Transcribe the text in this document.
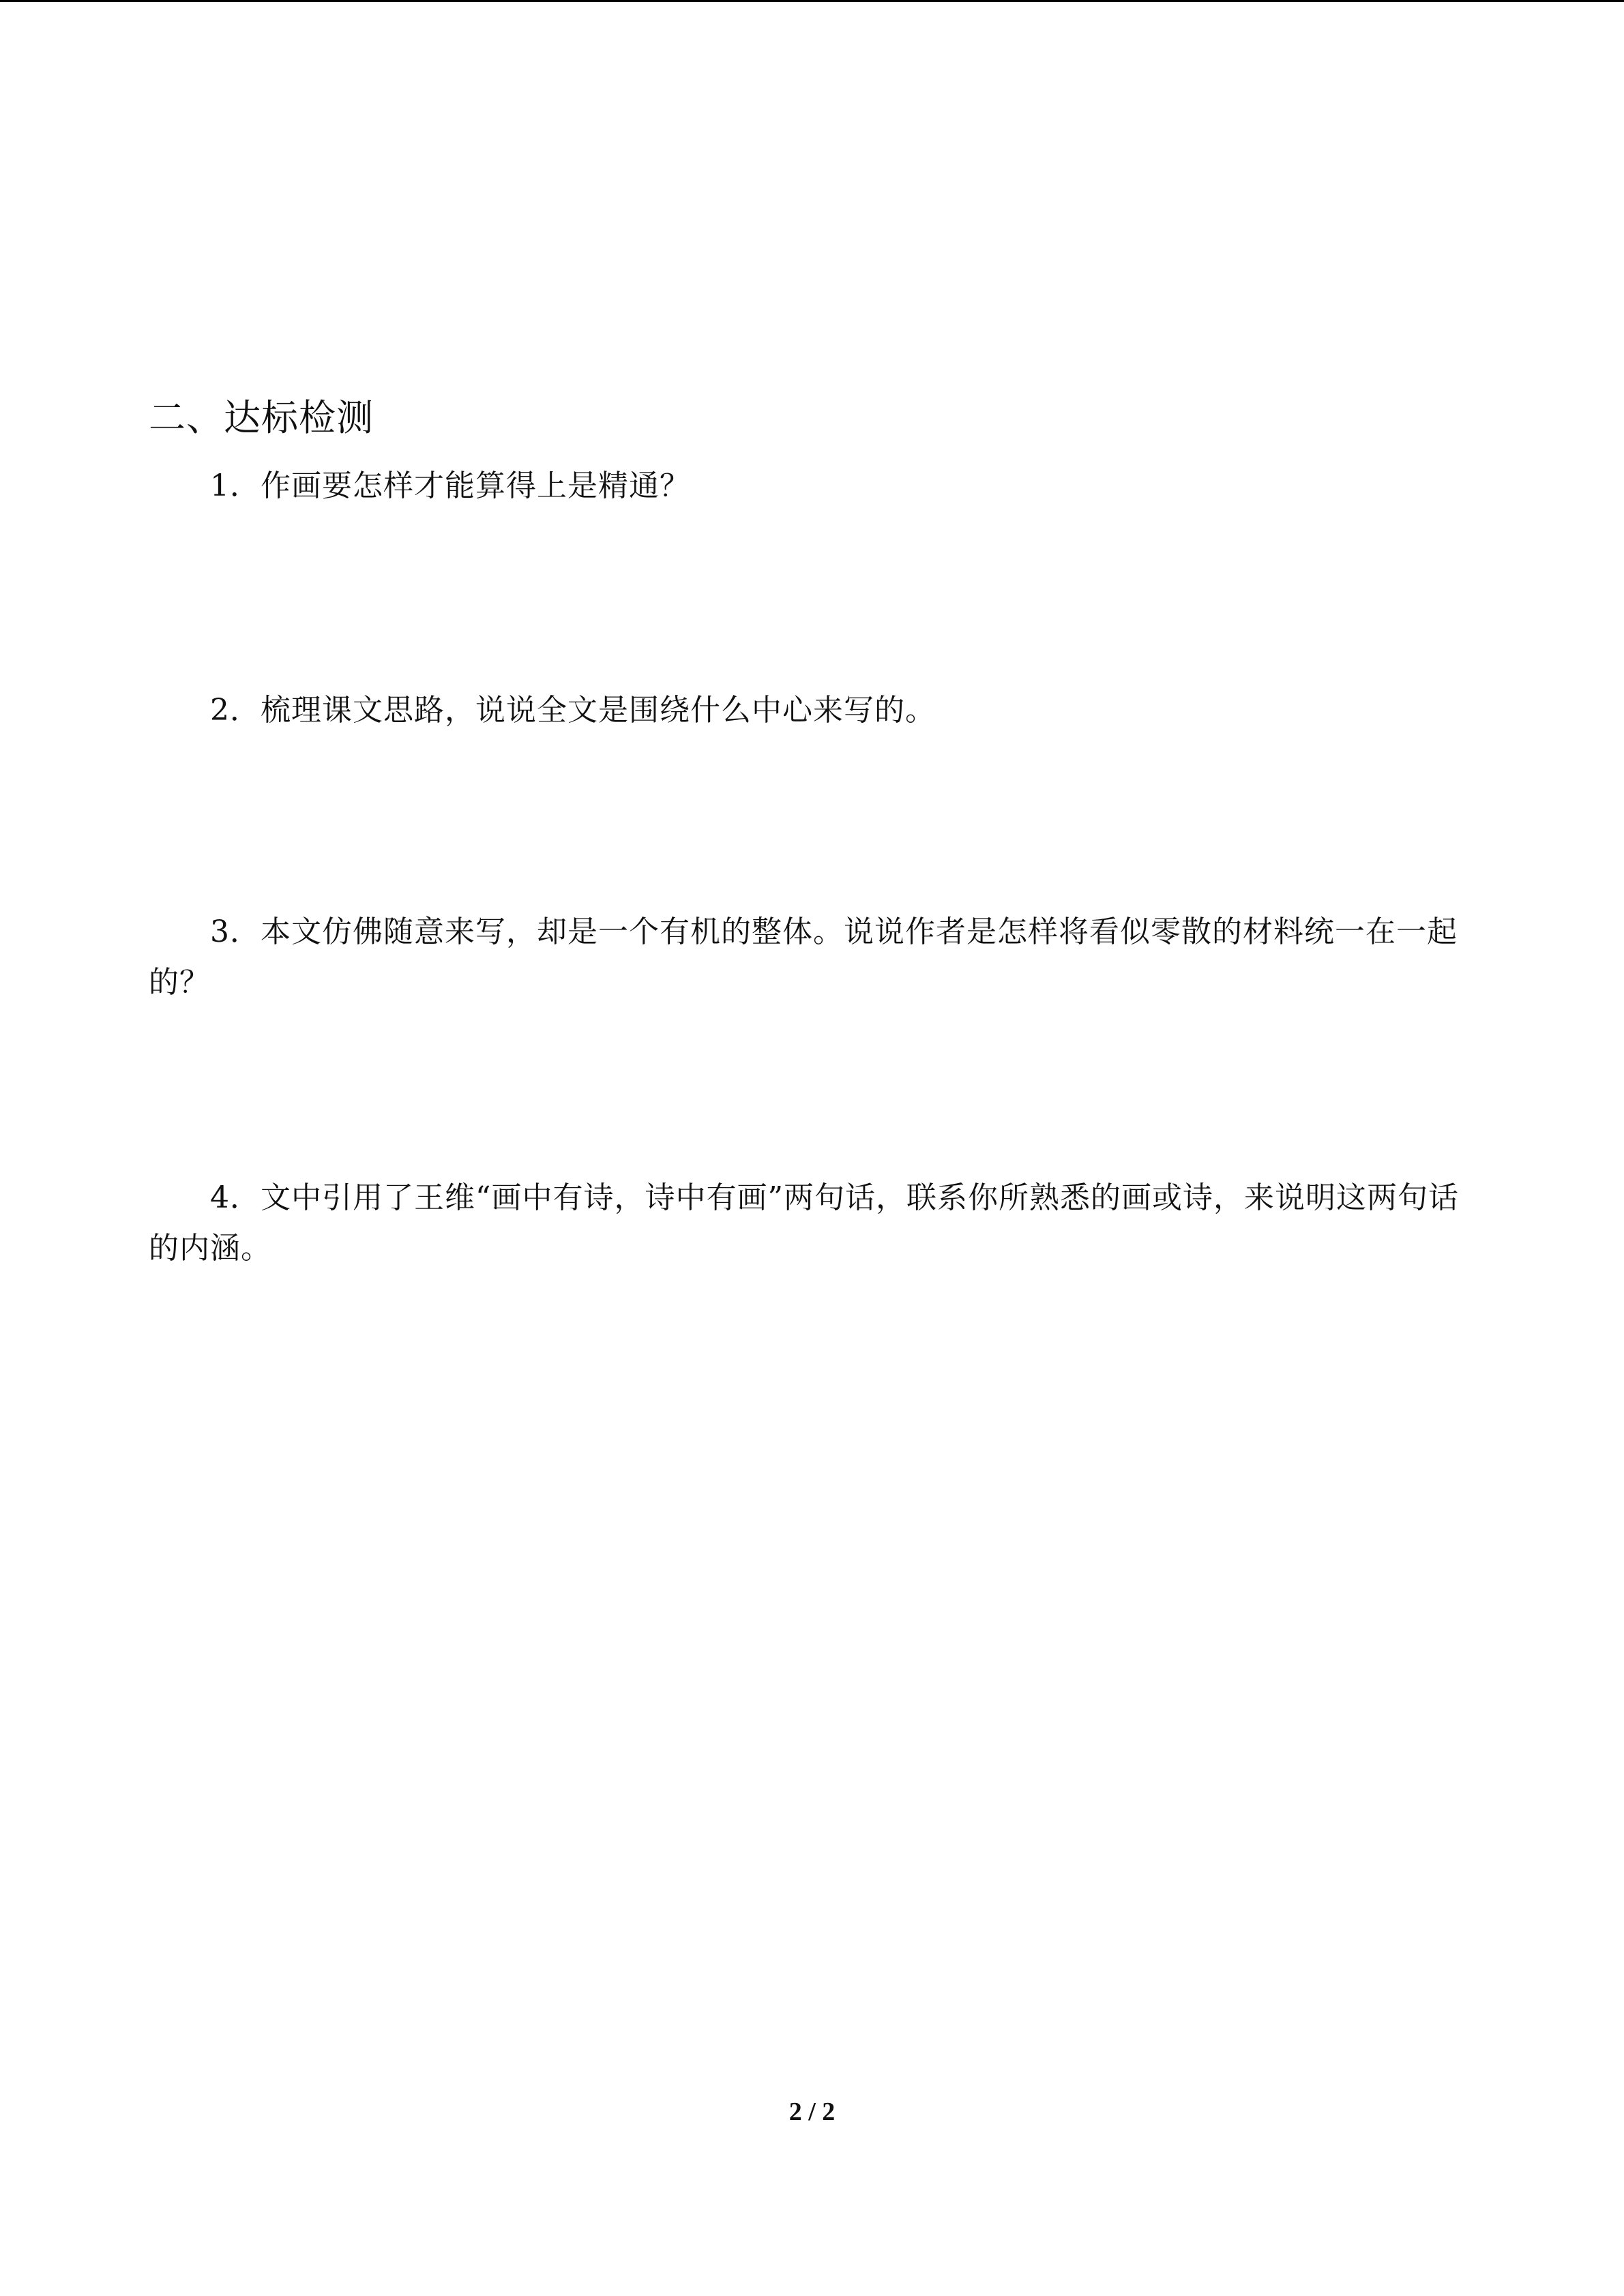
二、达标检测

1．作画要怎样才能算得上是精通？

2．梳理课文思路，说说全文是围绕什么中心来写的。

3．本文仿佛随意来写，却是一个有机的整体。说说作者是怎样将看似零散的材料统一在一起的？

4．文中引用了王维“画中有诗，诗中有画”两句话，联系你所熟悉的画或诗，来说明这两句话的内涵。

2 / 2
